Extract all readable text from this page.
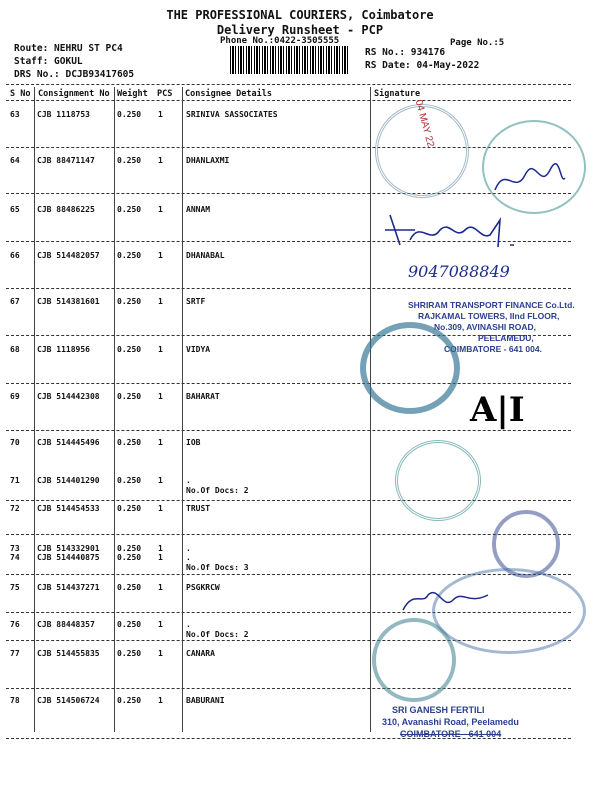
THE PROFESSIONAL COURIERS, Coimbatore
Delivery Runsheet - PCP
Phone No.:0422-3505555
Route: NEHRU ST PC4
Staff: GOKUL
DRS No.: DCJB93417605
Page No.:5
RS No.: 934176
RS Date: 04-May-2022
S No Consignment No Weight PCS Consignee Details	Signature
63 CJB 1118753	0.250 1	SRINIVA SASSOCIATES
64 CJB 88471147	0.250 1	DHANLAXMI
65 CJB 88486225	0.250 1	ANNAM
66 CJB 514482057 0.250 1	DHANABAL
67 CJB 514381601 0.250 1	SRTF
68 CJB 1118956	0.250 1	VIDYA
69 CJB 514442308 0.250 1	BAHARAT
70 CJB 514445496 0.250 1	IOB
71 CJB 514401290 0.250 1	.
No.Of Docs: 2
72 CJB 514454533 0.250 1	TRUST
73 CJB 514332901 0.250 1	.
74 CJB 514440875 0.250 1	.
No.Of Docs: 3
75 CJB 514437271 0.250 1	PSGKRCW
76 CJB 88448357	0.250 1	.
No.Of Docs: 2
77 CJB 514455835 0.250 1	CANARA
78 CJB 514506724 0.250 1	BABURANI
04 MAY 22
9047088849
SHRIRAM TRANSPORT FINANCE Co.Ltd.
RAJKAMAL TOWERS, IInd FLOOR,
No.309, AVINASHI ROAD,
PEELAMEDU,
COIMBATORE - 641 004.
A|I
SRI GANESH FERTILI
310, Avanashi Road, Peelamedu
COIMBATORE - 641 004
